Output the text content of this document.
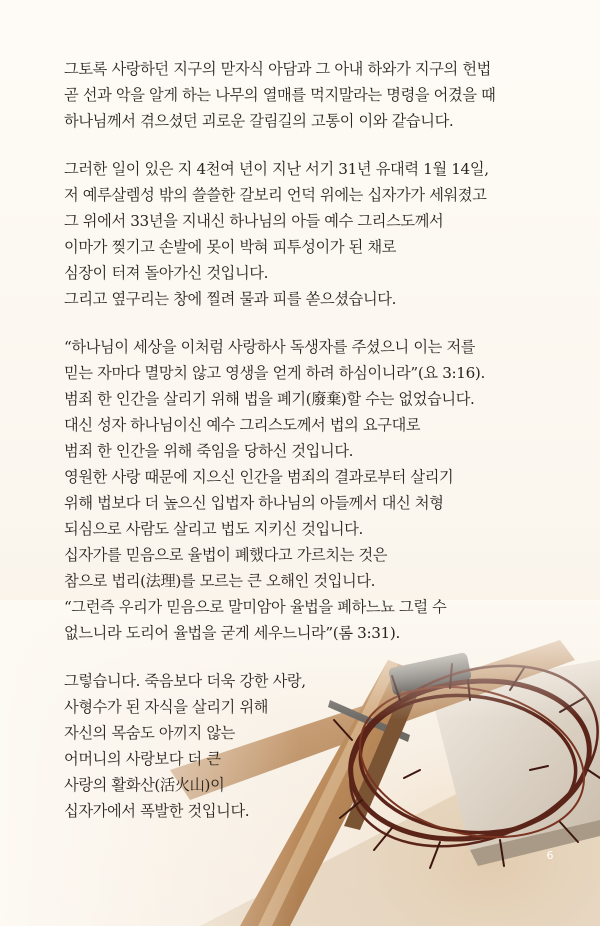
그토록 사랑하던 지구의 맏자식 아담과 그 아내 하와가 지구의 헌법
곧 선과 악을 알게 하는 나무의 열매를 먹지말라는 명령을 어겼을 때
하나님께서 겪으셨던 괴로운 갈림길의 고통이 이와 같습니다.

그러한 일이 있은 지 4천여 년이 지난 서기 31년 유대력 1월 14일,
저 예루살렘성 밖의 쓸쓸한 갈보리 언덕 위에는 십자가가 세워졌고
그 위에서 33년을 지내신 하나님의 아들 예수 그리스도께서
이마가 찢기고 손발에 못이 박혀 피투성이가 된 채로
심장이 터져 돌아가신 것입니다.
그리고 옆구리는 창에 찔려 물과 피를 쏟으셨습니다.

“하나님이 세상을 이처럼 사랑하사 독생자를 주셨으니 이는 저를
믿는 자마다 멸망치 않고 영생을 얻게 하려 하심이니라”(요 3:16).
범죄 한 인간을 살리기 위해 법을 폐기(廢棄)할 수는 없었습니다.
대신 성자 하나님이신 예수 그리스도께서 법의 요구대로
범죄 한 인간을 위해 죽임을 당하신 것입니다.
영원한 사랑 때문에 지으신 인간을 범죄의 결과로부터 살리기
위해 법보다 더 높으신 입법자 하나님의 아들께서 대신 처형
되심으로 사람도 살리고 법도 지키신 것입니다.
십자가를 믿음으로 율법이 폐했다고 가르치는 것은
참으로 법리(法理)를 모르는 큰 오해인 것입니다.
“그런즉 우리가 믿음으로 말미암아 율법을 폐하느뇨 그럴 수
없느니라 도리어 율법을 굳게 세우느니라”(롬 3:31).

그렇습니다. 죽음보다 더욱 강한 사랑,
사형수가 된 자식을 살리기 위해
자신의 목숨도 아끼지 않는
어머니의 사랑보다 더 큰
사랑의 활화산(活火山)이
십자가에서 폭발한 것입니다.

6
